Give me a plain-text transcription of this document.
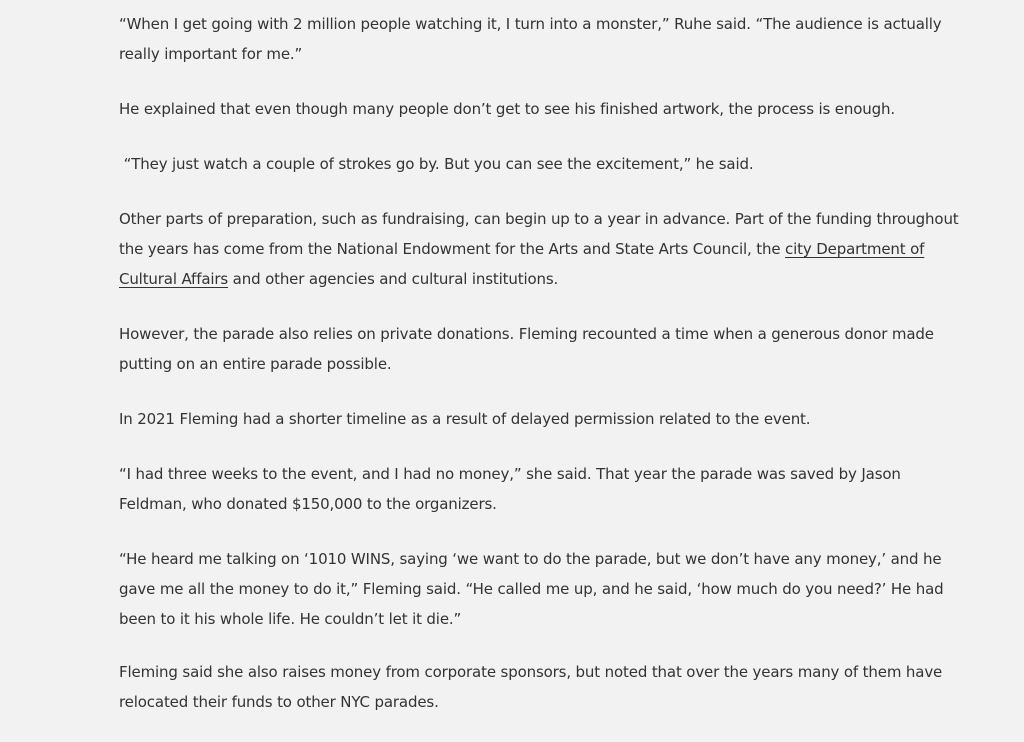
“When I get going with 2 million people watching it, I turn into a monster,” Ruhe said. “The audience is actually really important for me.”

He explained that even though many people don’t get to see his finished artwork, the process is enough.

“They just watch a couple of strokes go by. But you can see the excitement,” he said.

Other parts of preparation, such as fundraising, can begin up to a year in advance. Part of the funding throughout the years has come from the National Endowment for the Arts and State Arts Council, the city Department of Cultural Affairs and other agencies and cultural institutions.

However, the parade also relies on private donations. Fleming recounted a time when a generous donor made putting on an entire parade possible.

In 2021 Fleming had a shorter timeline as a result of delayed permission related to the event.

“I had three weeks to the event, and I had no money,” she said. That year the parade was saved by Jason Feldman, who donated $150,000 to the organizers.

“He heard me talking on ‘1010 WINS, saying ‘we want to do the parade, but we don’t have any money,’ and he gave me all the money to do it,” Fleming said. “He called me up, and he said, ‘how much do you need?’ He had been to it his whole life. He couldn’t let it die.”

Fleming said she also raises money from corporate sponsors, but noted that over the years many of them have relocated their funds to other NYC parades.
